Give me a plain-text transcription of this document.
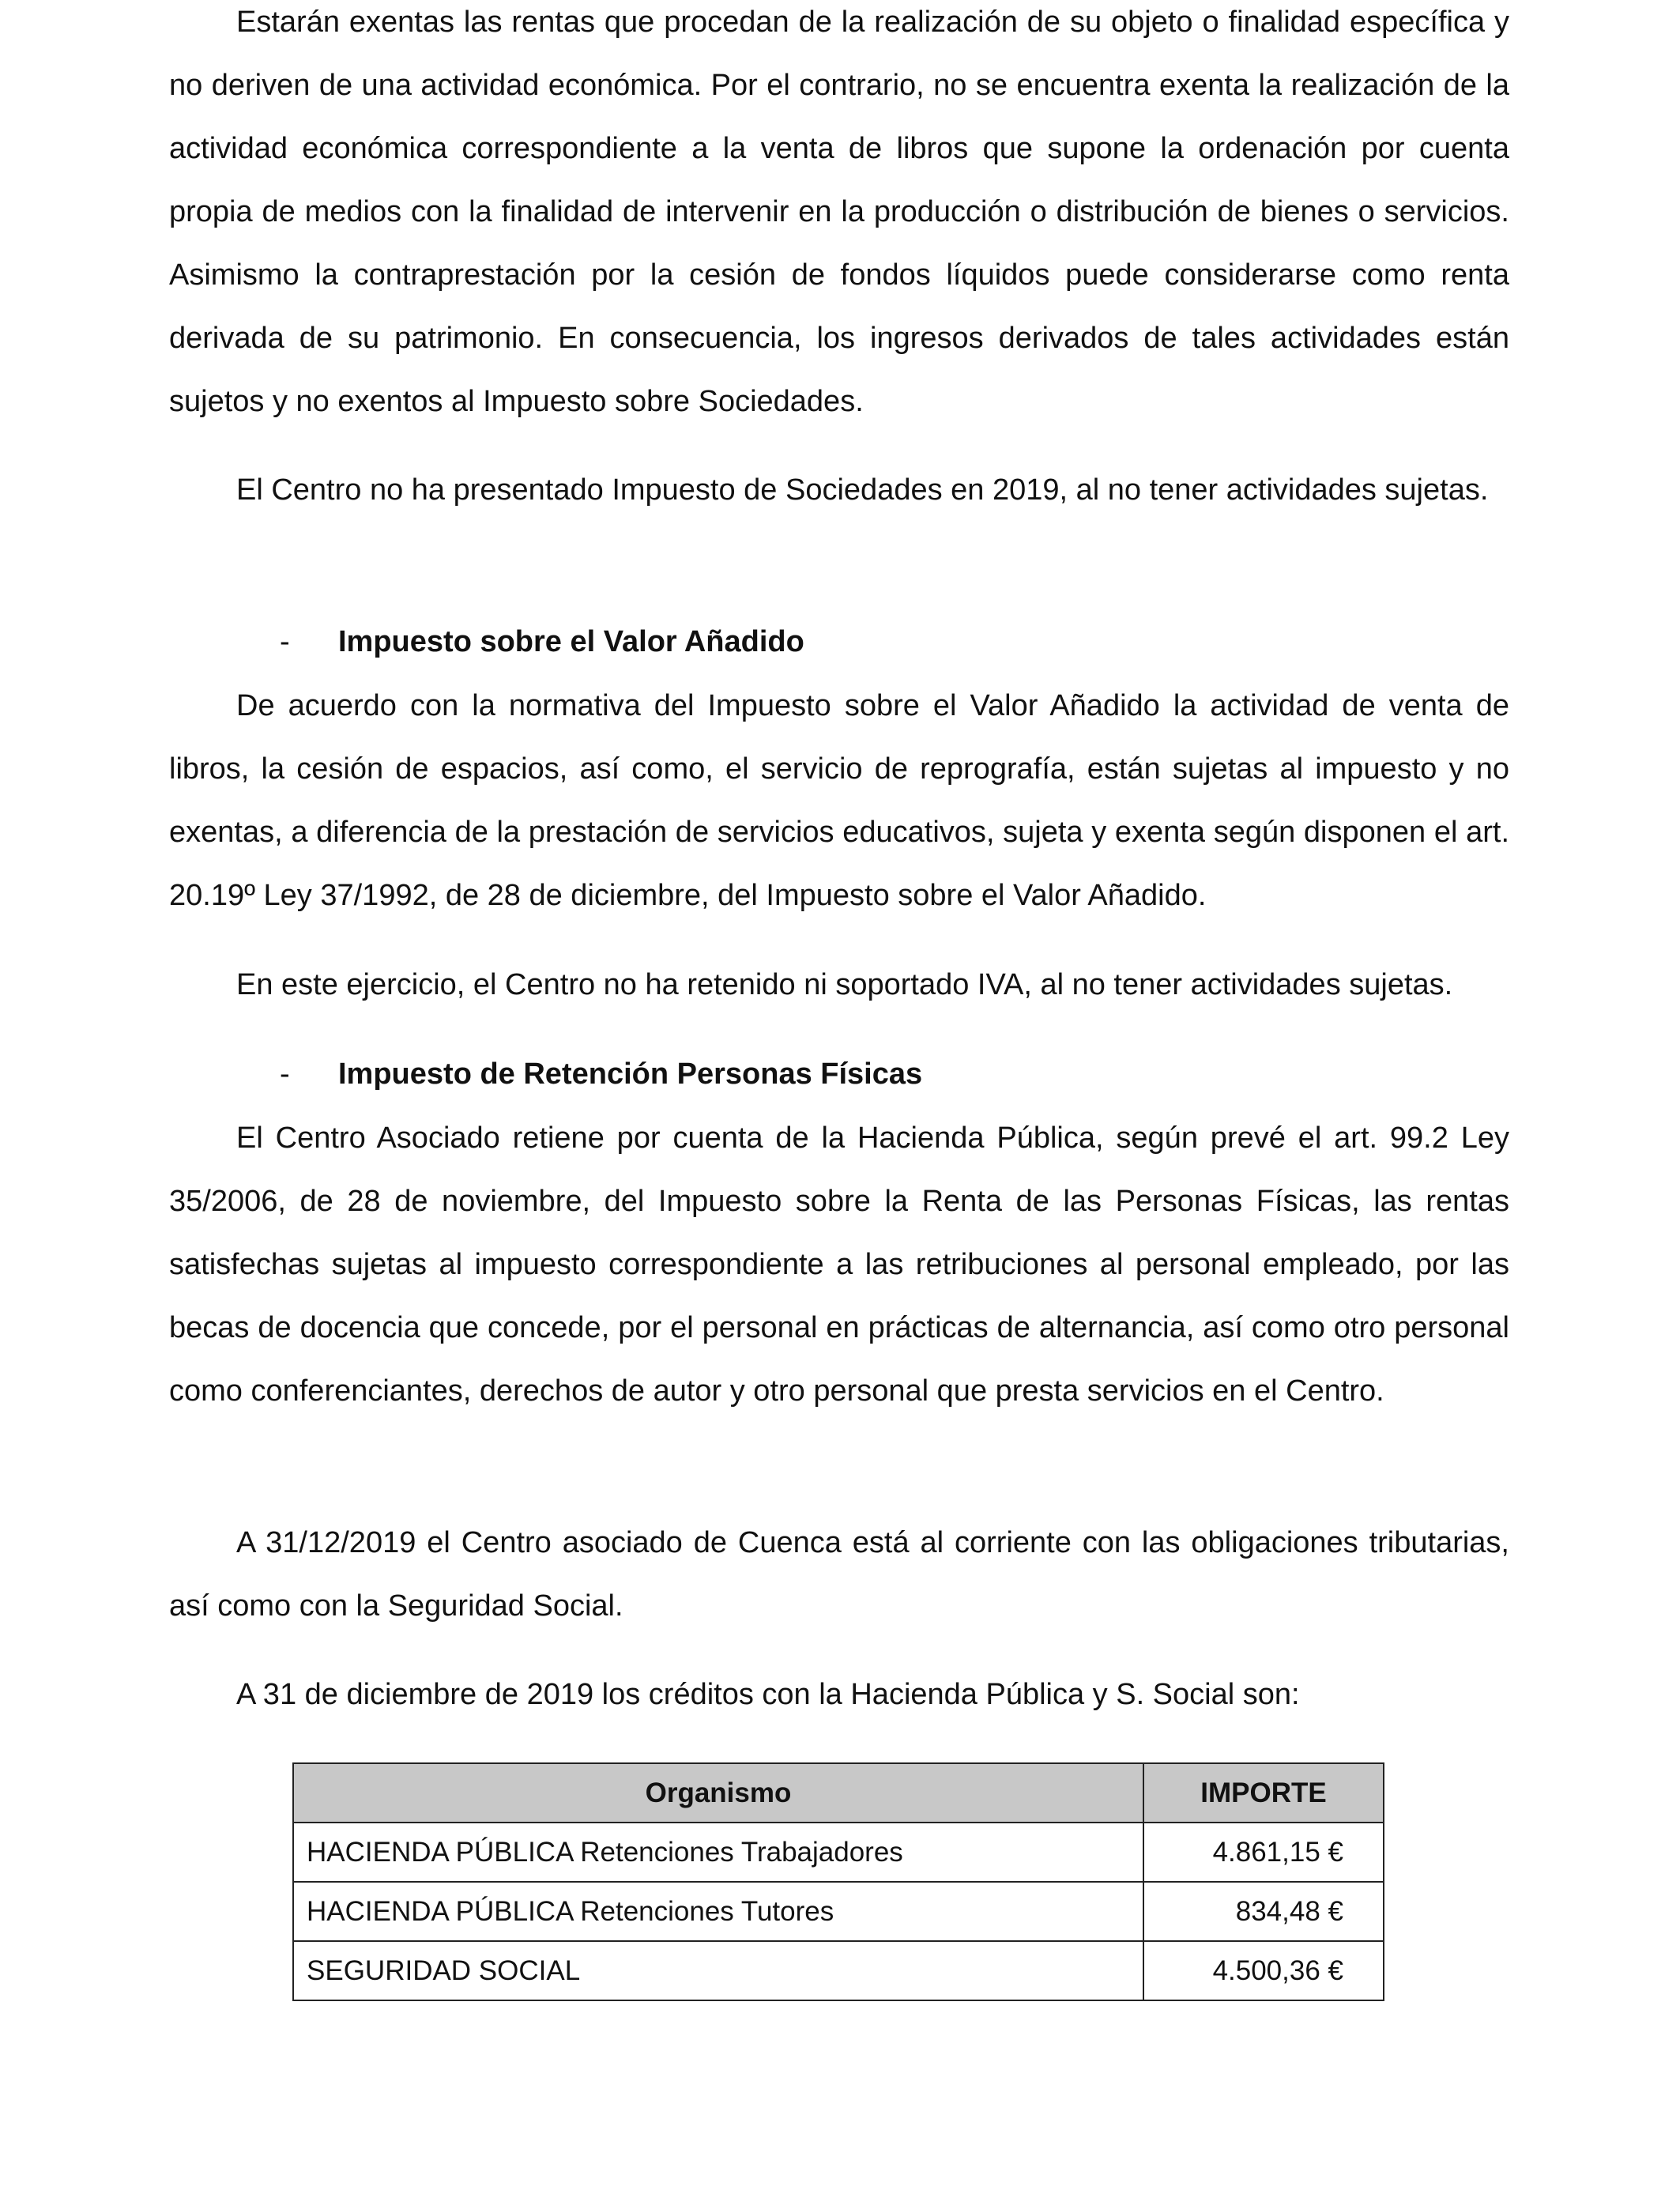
Estarán exentas las rentas que procedan de la realización de su objeto o finalidad específica y no deriven de una actividad económica. Por el contrario, no se encuentra exenta la realización de la actividad económica correspondiente a la venta de libros que supone la ordenación por cuenta propia de medios con la finalidad de intervenir en la producción o distribución de bienes o servicios. Asimismo la contraprestación por la cesión de fondos líquidos puede considerarse como renta derivada de su patrimonio. En consecuencia, los ingresos derivados de tales actividades están sujetos y no exentos al Impuesto sobre Sociedades.

El Centro no ha presentado Impuesto de Sociedades en 2019, al no tener actividades sujetas.

- Impuesto sobre el Valor Añadido

De acuerdo con la normativa del Impuesto sobre el Valor Añadido la actividad de venta de libros, la cesión de espacios, así como, el servicio de reprografía, están sujetas al impuesto y no exentas, a diferencia de la prestación de servicios educativos, sujeta y exenta según disponen el art. 20.19º Ley 37/1992, de 28 de diciembre, del Impuesto sobre el Valor Añadido.

En este ejercicio, el Centro no ha retenido ni soportado IVA, al no tener actividades sujetas.

- Impuesto de Retención Personas Físicas

El Centro Asociado retiene por cuenta de la Hacienda Pública, según prevé el art. 99.2 Ley 35/2006, de 28 de noviembre, del Impuesto sobre la Renta de las Personas Físicas, las rentas satisfechas sujetas al impuesto correspondiente a las retribuciones al personal empleado, por las becas de docencia que concede, por el personal en prácticas de alternancia, así como otro personal como conferenciantes, derechos de autor y otro personal que presta servicios en el Centro.

A 31/12/2019 el Centro asociado de Cuenca está al corriente con las obligaciones tributarias, así como con la Seguridad Social.

A 31 de diciembre de 2019 los créditos con la Hacienda Pública y S. Social son:

Organismo	IMPORTE
HACIENDA PÚBLICA Retenciones Trabajadores	4.861,15 €
HACIENDA PÚBLICA Retenciones Tutores	834,48 €
SEGURIDAD SOCIAL	4.500,36 €
